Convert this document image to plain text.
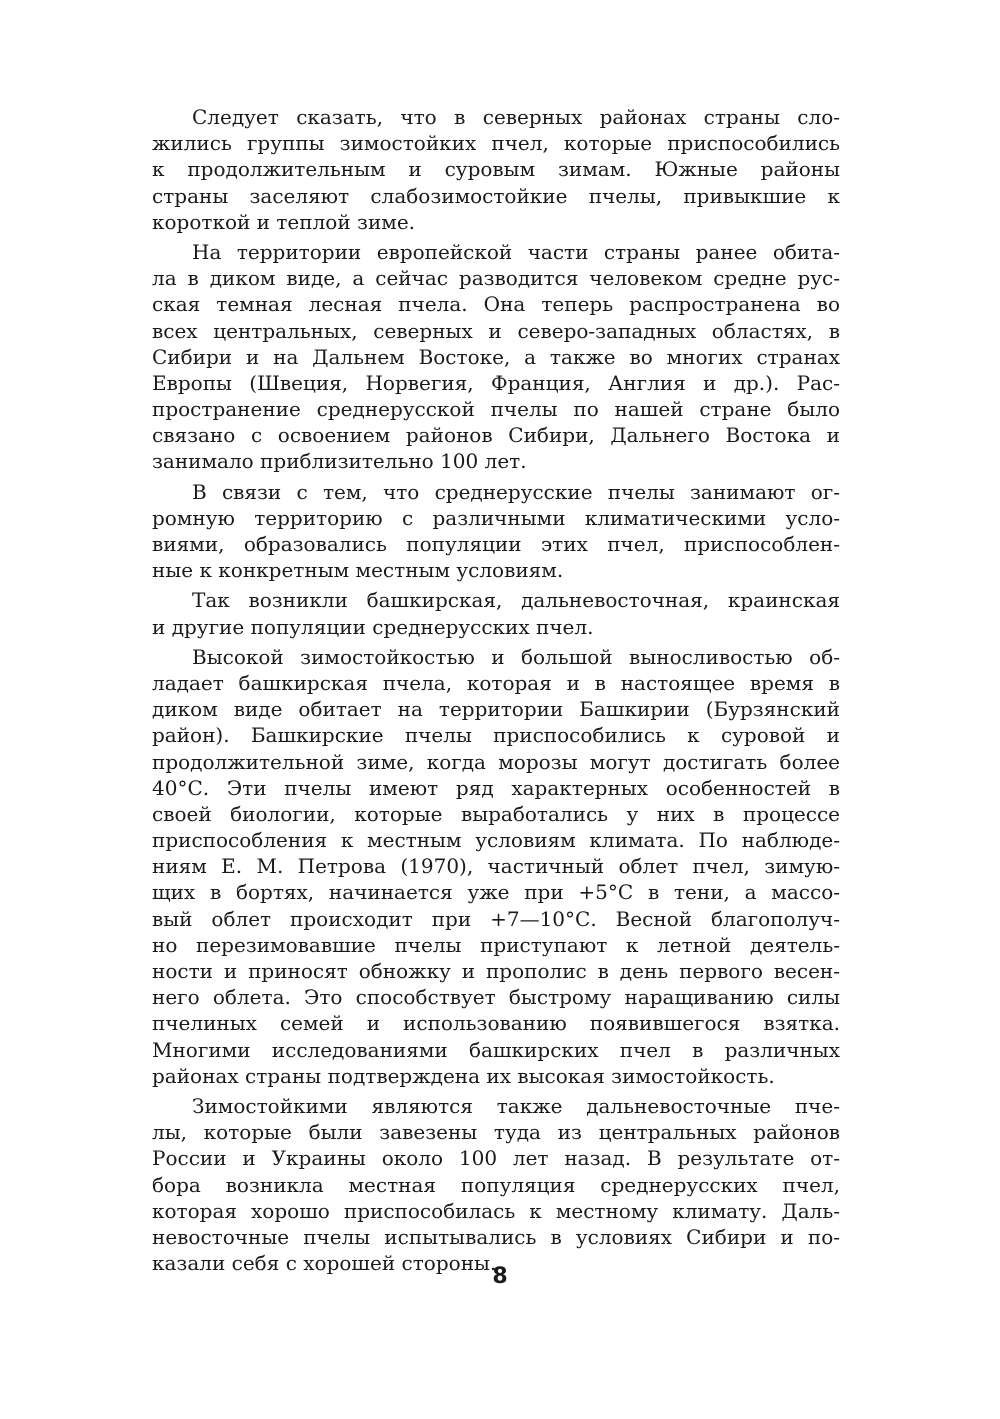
Следует сказать, что в северных районах страны сло-
жились группы зимостойких пчел, которые приспособились
к продолжительным и суровым зимам. Южные районы
страны заселяют слабозимостойкие пчелы, привыкшие к
короткой и теплой зиме.
На территории европейской части страны ранее обита-
ла в диком виде, а сейчас разводится человеком средне рус-
ская темная лесная пчела. Она теперь распространена во
всех центральных, северных и северо-западных областях, в
Сибири и на Дальнем Востоке, а также во многих странах
Европы (Швеция, Норвегия, Франция, Англия и др.). Рас-
пространение среднерусской пчелы по нашей стране было
связано с освоением районов Сибири, Дальнего Востока и
занимало приблизительно 100 лет.
В связи с тем, что среднерусские пчелы занимают ог-
ромную территорию с различными климатическими усло-
виями, образовались популяции этих пчел, приспособлен-
ные к конкретным местным условиям.
Так возникли башкирская, дальневосточная, краинская
и другие популяции среднерусских пчел.
Высокой зимостойкостью и большой выносливостью об-
ладает башкирская пчела, которая и в настоящее время в
диком виде обитает на территории Башкирии (Бурзянский
район). Башкирские пчелы приспособились к суровой и
продолжительной зиме, когда морозы могут достигать более
40°С. Эти пчелы имеют ряд характерных особенностей в
своей биологии, которые выработались у них в процессе
приспособления к местным условиям климата. По наблюде-
ниям Е. М. Петрова (1970), частичный облет пчел, зимую-
щих в бортях, начинается уже при +5°С в тени, а массо-
вый облет происходит при +7—10°С. Весной благополуч-
но перезимовавшие пчелы приступают к летной деятель-
ности и приносят обножку и прополис в день первого весен-
него облета. Это способствует быстрому наращиванию силы
пчелиных семей и использованию появившегося взятка.
Многими исследованиями башкирских пчел в различных
районах страны подтверждена их высокая зимостойкость.
Зимостойкими являются также дальневосточные пче-
лы, которые были завезены туда из центральных районов
России и Украины около 100 лет назад. В результате от-
бора возникла местная популяция среднерусских пчел,
которая хорошо приспособилась к местному климату. Даль-
невосточные пчелы испытывались в условиях Сибири и по-
казали себя с хорошей стороны.
8
